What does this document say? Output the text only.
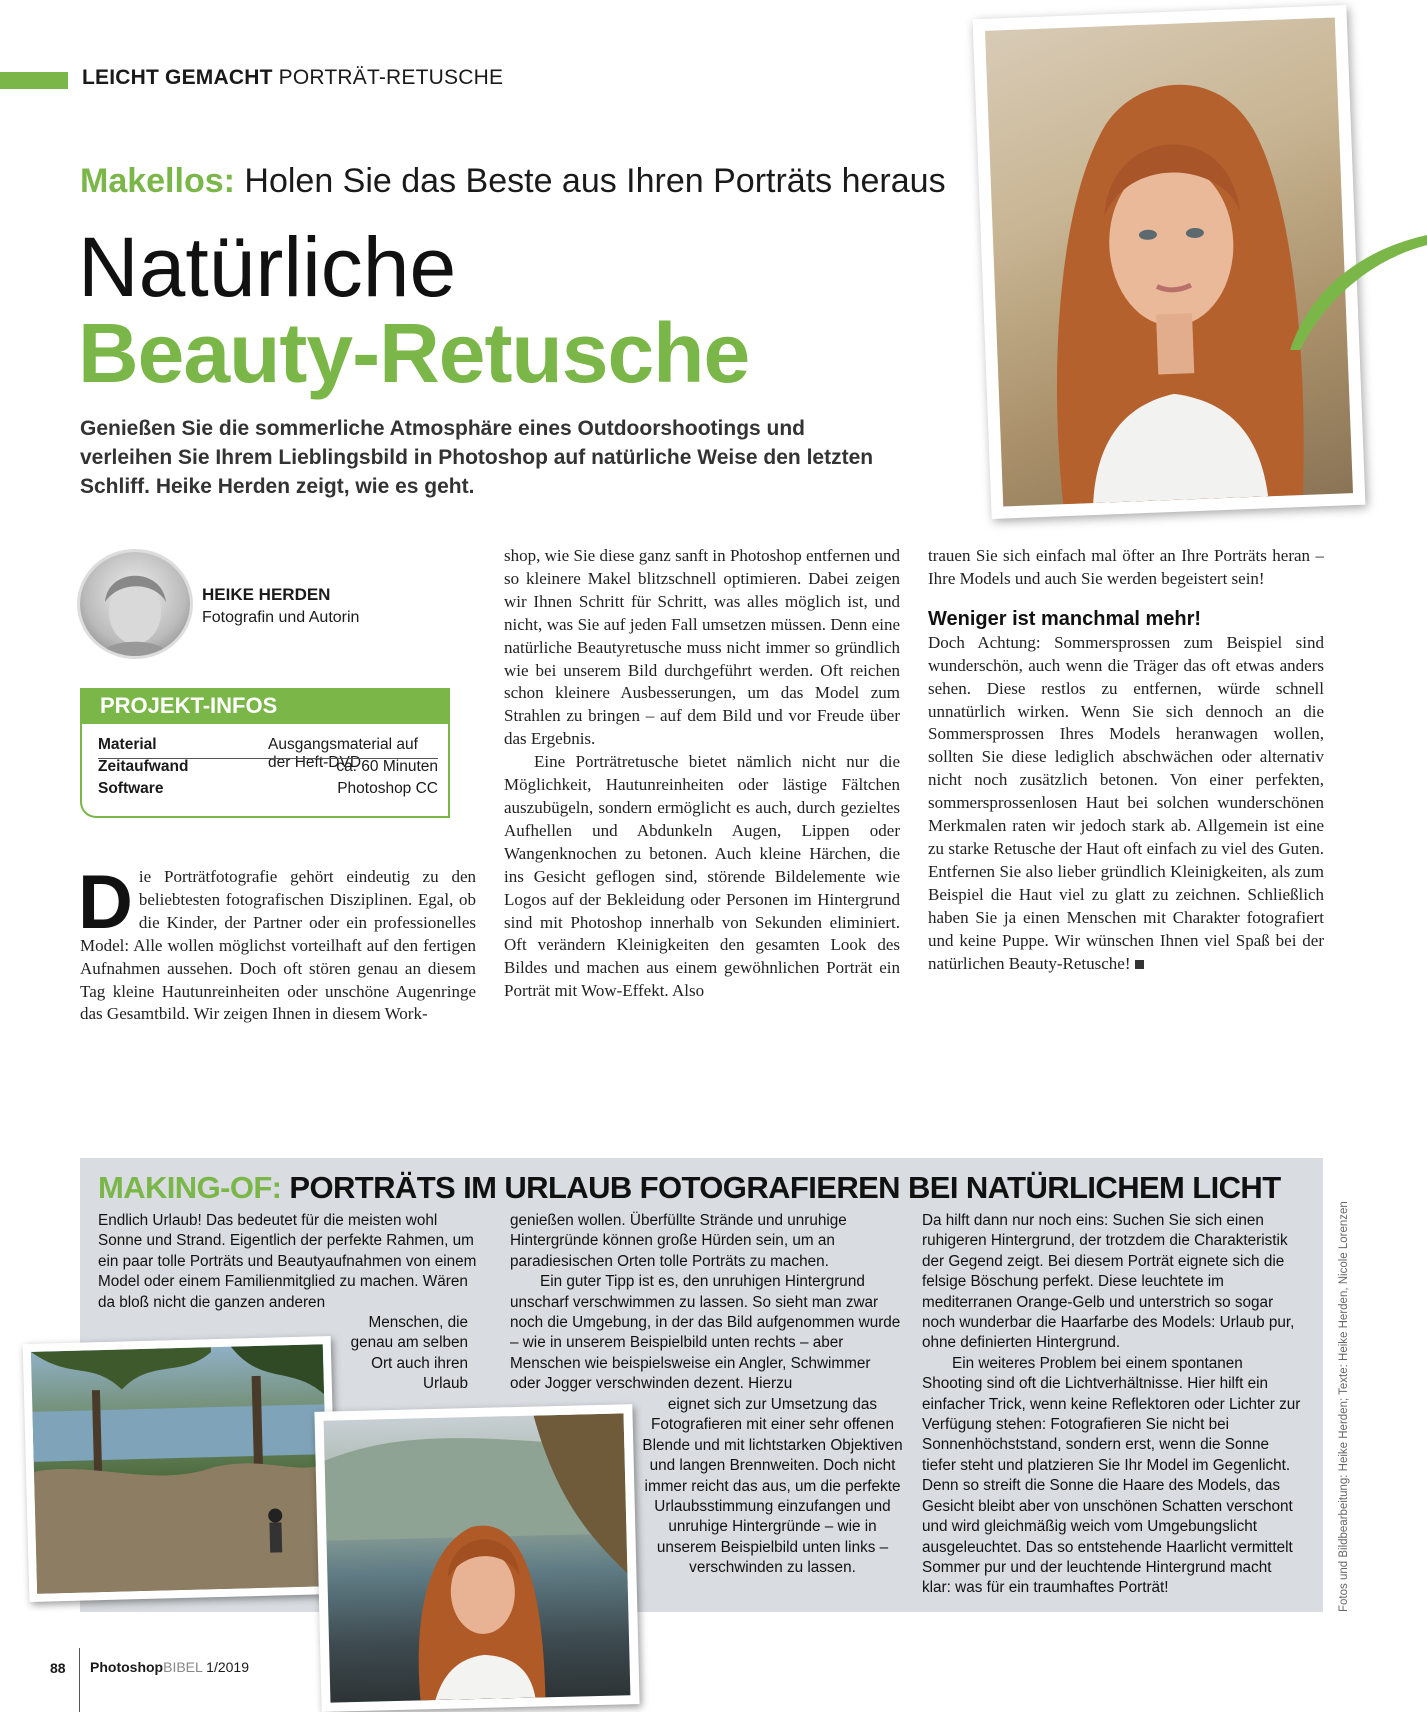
LEICHT GEMACHT PORTRÄT-RETUSCHE
Makellos: Holen Sie das Beste aus Ihren Porträts heraus
Natürliche
Beauty-Retusche
Genießen Sie die sommerliche Atmosphäre eines Outdoorshootings und verleihen Sie Ihrem Lieblingsbild in Photoshop auf natürliche Weise den letzten Schliff. Heike Herden zeigt, wie es geht.
HEIKE HERDEN
Fotografin und Autorin
PROJEKT-INFOS
Material	Ausgangsmaterial auf der Heft-DVD
Zeitaufwand	ca. 60 Minuten
Software	Photoshop CC
D ie Porträtfotografie gehört eindeutig zu den beliebtesten fotografischen Disziplinen. Egal, ob die Kinder, der Partner oder ein professionelles Model: Alle wollen möglichst vorteilhaft auf den fertigen Aufnahmen aussehen. Doch oft stören genau an diesem Tag kleine Hautunreinheiten oder unschöne Augenringe das Gesamtbild. Wir zeigen Ihnen in diesem Work-

shop, wie Sie diese ganz sanft in Photoshop entfernen und so kleinere Makel blitzschnell optimieren. Dabei zeigen wir Ihnen Schritt für Schritt, was alles möglich ist, und nicht, was Sie auf jeden Fall umsetzen müssen. Denn eine natürliche Beautyretusche muss nicht immer so gründlich wie bei unserem Bild durchgeführt werden. Oft reichen schon kleinere Ausbesserungen, um das Model zum Strahlen zu bringen – auf dem Bild und vor Freude über das Ergebnis.

Eine Porträtretusche bietet nämlich nicht nur die Möglichkeit, Hautunreinheiten oder lästige Fältchen auszubügeln, sondern ermöglicht es auch, durch gezieltes Aufhellen und Abdunkeln Augen, Lippen oder Wangenknochen zu betonen. Auch kleine Härchen, die ins Gesicht geflogen sind, störende Bildelemente wie Logos auf der Bekleidung oder Personen im Hintergrund sind mit Photoshop innerhalb von Sekunden eliminiert. Oft verändern Kleinigkeiten den gesamten Look des Bildes und machen aus einem gewöhnlichen Porträt ein Porträt mit Wow-Effekt. Also

trauen Sie sich einfach mal öfter an Ihre Porträts heran – Ihre Models und auch Sie werden begeistert sein!

Weniger ist manchmal mehr!

Doch Achtung: Sommersprossen zum Beispiel sind wunderschön, auch wenn die Träger das oft etwas anders sehen. Diese restlos zu entfernen, würde schnell unnatürlich wirken. Wenn Sie sich dennoch an die Sommersprossen Ihres Models heranwagen wollen, sollten Sie diese lediglich abschwächen oder alternativ nicht noch zusätzlich betonen. Von einer perfekten, sommersprossenlosen Haut bei solchen wunderschönen Merkmalen raten wir jedoch stark ab. Allgemein ist eine zu starke Retusche der Haut oft einfach zu viel des Guten. Entfernen Sie also lieber gründlich Kleinigkeiten, als zum Beispiel die Haut viel zu glatt zu zeichnen. Schließlich haben Sie ja einen Menschen mit Charakter fotografiert und keine Puppe. Wir wünschen Ihnen viel Spaß bei der natürlichen Beauty-Retusche!

MAKING-OF: PORTRÄTS IM URLAUB FOTOGRAFIEREN BEI NATÜRLICHEM LICHT

Endlich Urlaub! Das bedeutet für die meisten wohl Sonne und Strand. Eigentlich der perfekte Rahmen, um ein paar tolle Porträts und Beautyaufnahmen von einem Model oder einem Familienmitglied zu machen. Wären da bloß nicht die ganzen anderen

Menschen, die genau am selben Ort auch ihren Urlaub

genießen wollen. Überfüllte Strände und unruhige Hintergründe können große Hürden sein, um an paradiesischen Orten tolle Porträts zu machen.

Ein guter Tipp ist es, den unruhigen Hintergrund unscharf verschwimmen zu lassen. So sieht man zwar noch die Umgebung, in der das Bild aufgenommen wurde – wie in unserem Beispielbild unten rechts – aber Menschen wie beispielsweise ein Angler, Schwimmer oder Jogger verschwinden dezent. Hierzu

eignet sich zur Umsetzung das Fotografieren mit einer sehr offenen Blende und mit lichtstarken Objektiven und langen Brennweiten. Doch nicht immer reicht das aus, um die perfekte Urlaubsstimmung einzufangen und unruhige Hintergründe – wie in unserem Beispielbild unten links – verschwinden zu lassen.

Da hilft dann nur noch eins: Suchen Sie sich einen ruhigeren Hintergrund, der trotzdem die Charakteristik der Gegend zeigt. Bei diesem Porträt eignete sich die felsige Böschung perfekt. Diese leuchtete im mediterranen Orange-Gelb und unterstrich so sogar noch wunderbar die Haarfarbe des Models: Urlaub pur, ohne definierten Hintergrund.

Ein weiteres Problem bei einem spontanen Shooting sind oft die Lichtverhältnisse. Hier hilft ein einfacher Trick, wenn keine Reflektoren oder Lichter zur Verfügung stehen: Fotografieren Sie nicht bei Sonnenhöchststand, sondern erst, wenn die Sonne tiefer steht und platzieren Sie Ihr Model im Gegenlicht. Denn so streift die Sonne die Haare des Models, das Gesicht bleibt aber von unschönen Schatten verschont und wird gleichmäßig weich vom Umgebungslicht ausgeleuchtet. Das so entstehende Haarlicht vermittelt Sommer pur und der leuchtende Hintergrund macht klar: was für ein traumhaftes Porträt!	Fotos und Bildbearbeitung: Heike Herden; Texte: Heike Herden, Nicole Lorenzen
88 PhotoshopBIBEL 1/2019
